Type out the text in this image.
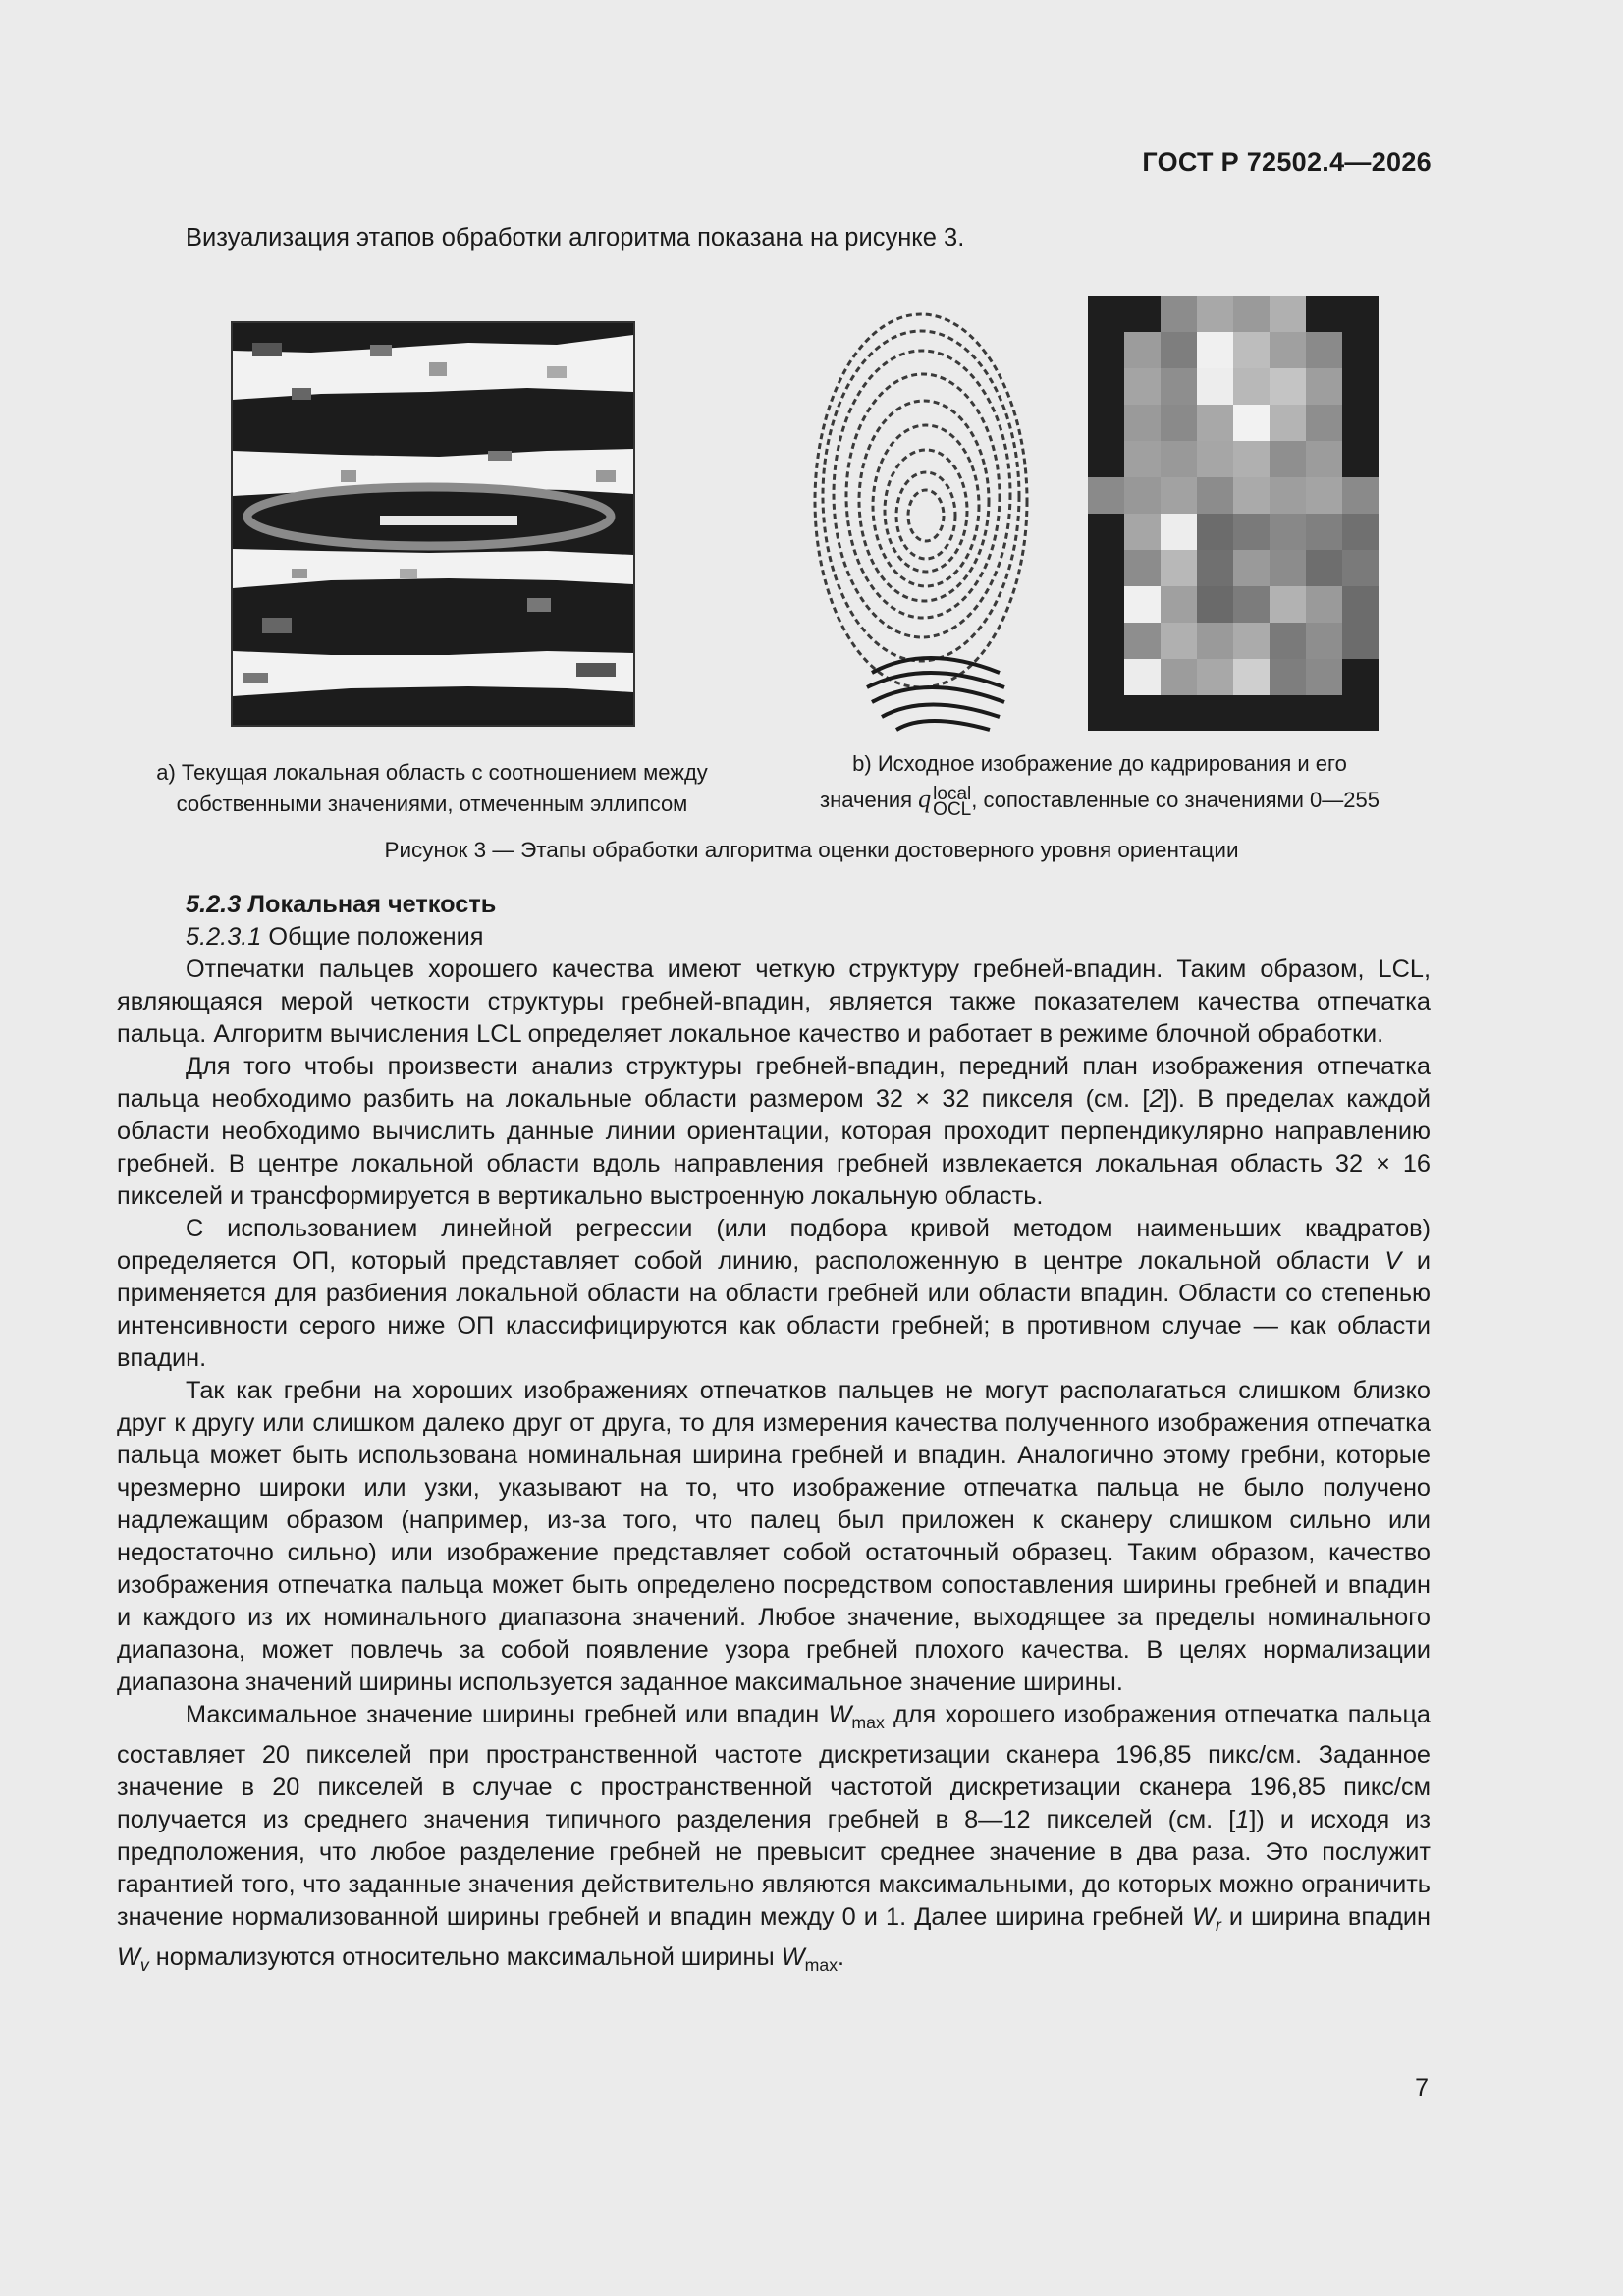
ГОСТ Р 72502.4—2026
Визуализация этапов обработки алгоритма показана на рисунке 3.
а) Текущая локальная область с соотношением между
собственными значениями, отмеченным эллипсом
b) Исходное изображение до кадрирования и его
значения q local
OCL , сопоставленные со значениями 0—255
Рисунок 3 — Этапы обработки алгоритма оценки достоверного уровня ориентации

5.2.3 Локальная четкость

5.2.3.1 Общие положения

Отпечатки пальцев хорошего качества имеют четкую структуру гребней-впадин. Таким образом, LCL, являющаяся мерой четкости структуры гребней-впадин, является также показателем качества отпечатка пальца. Алгоритм вычисления LCL определяет локальное качество и работает в режиме блочной обработки.

Для того чтобы произвести анализ структуры гребней-впадин, передний план изображения отпечатка пальца необходимо разбить на локальные области размером 32 × 32 пикселя (см. [2]). В пределах каждой области необходимо вычислить данные линии ориентации, которая проходит перпендикулярно направлению гребней. В центре локальной области вдоль направления гребней извлекается локальная область 32 × 16 пикселей и трансформируется в вертикально выстроенную локальную область.

С использованием линейной регрессии (или подбора кривой методом наименьших квадратов) определяется ОП, который представляет собой линию, расположенную в центре локальной области V и применяется для разбиения локальной области на области гребней или области впадин. Области со степенью интенсивности серого ниже ОП классифицируются как области гребней; в противном случае — как области впадин.

Так как гребни на хороших изображениях отпечатков пальцев не могут располагаться слишком близко друг к другу или слишком далеко друг от друга, то для измерения качества полученного изображения отпечатка пальца может быть использована номинальная ширина гребней и впадин. Аналогично этому гребни, которые чрезмерно широки или узки, указывают на то, что изображение отпечатка пальца не было получено надлежащим образом (например, из-за того, что палец был приложен к сканеру слишком сильно или недостаточно сильно) или изображение представляет собой остаточный образец. Таким образом, качество изображения отпечатка пальца может быть определено посредством сопоставления ширины гребней и впадин и каждого из их номинального диапазона значений. Любое значение, выходящее за пределы номинального диапазона, может повлечь за собой появление узора гребней плохого качества. В целях нормализации диапазона значений ширины используется заданное максимальное значение ширины.

Максимальное значение ширины гребней или впадин $W_{max}$ для хорошего изображения отпечатка пальца составляет 20 пикселей при пространственной частоте дискретизации сканера 196,85 пикс/см. Заданное значение в 20 пикселей в случае с пространственной частотой дискретизации сканера 196,85 пикс/см получается из среднего значения типичного разделения гребней в 8—12 пикселей (см. [1]) и исходя из предположения, что любое разделение гребней не превысит среднее значение в два раза. Это послужит гарантией того, что заданные значения действительно являются максимальными, до которых можно ограничить значение нормализованной ширины гребней и впадин между 0 и 1. Далее ширина гребней $W_r$ и ширина впадин $W_v$ нормализуются относительно максимальной ширины $W_{max}$.

7
